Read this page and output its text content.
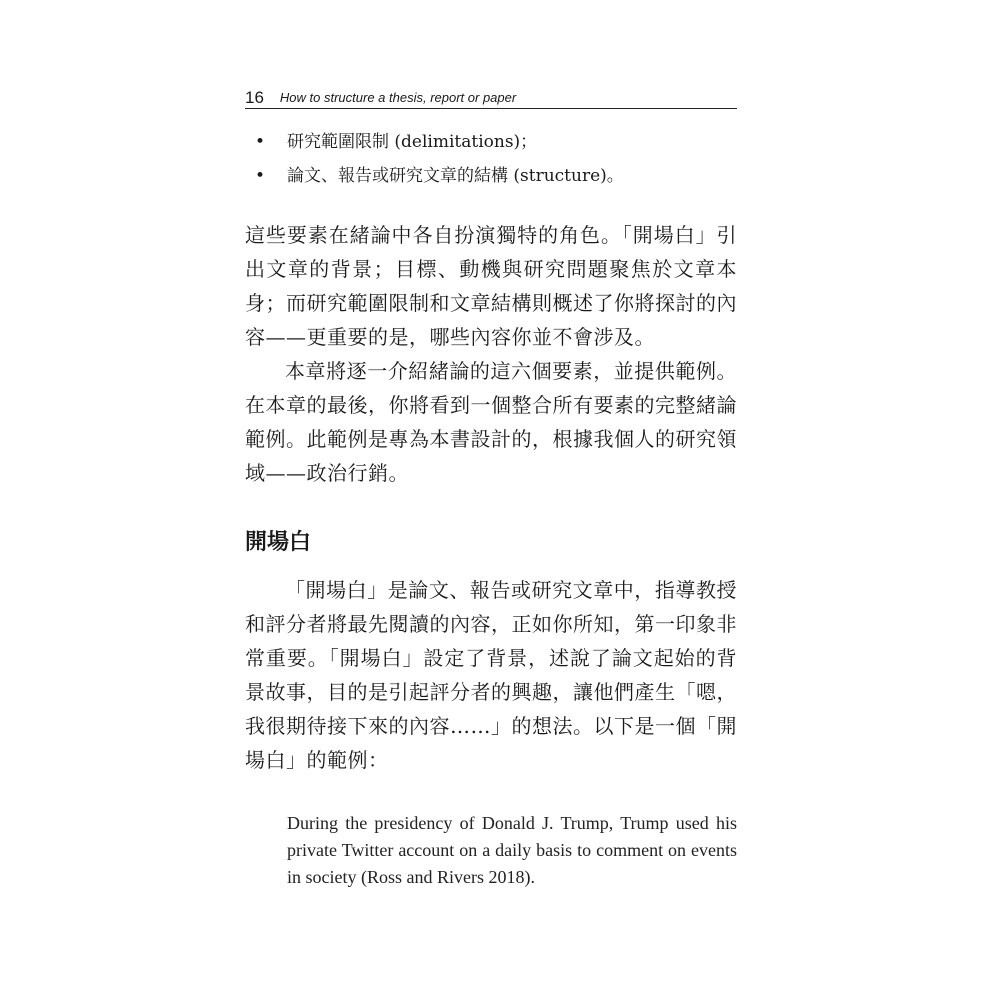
16 How to structure a thesis, report or paper
• 研究範圍限制 (delimitations)；
• 論文、報告或研究文章的結構 (structure)。

這些要素在緒論中各自扮演獨特的角色。「開場白」引出文章的背景；目標、動機與研究問題聚焦於文章本身；而研究範圍限制和文章結構則概述了你將探討的內容——更重要的是，哪些內容你並不會涉及。

本章將逐一介紹緒論的這六個要素，並提供範例。在本章的最後，你將看到一個整合所有要素的完整緒論範例。此範例是專為本書設計的，根據我個人的研究領域——政治行銷。

開場白

「開場白」是論文、報告或研究文章中，指導教授和評分者將最先閱讀的內容，正如你所知，第一印象非常重要。「開場白」設定了背景，述說了論文起始的背景故事，目的是引起評分者的興趣，讓他們產生「嗯，我很期待接下來的內容……」的想法。以下是一個「開場白」的範例：

During the presidency of Donald J. Trump, Trump used his private Twitter account on a daily basis to comment on events in society (Ross and Rivers 2018).
